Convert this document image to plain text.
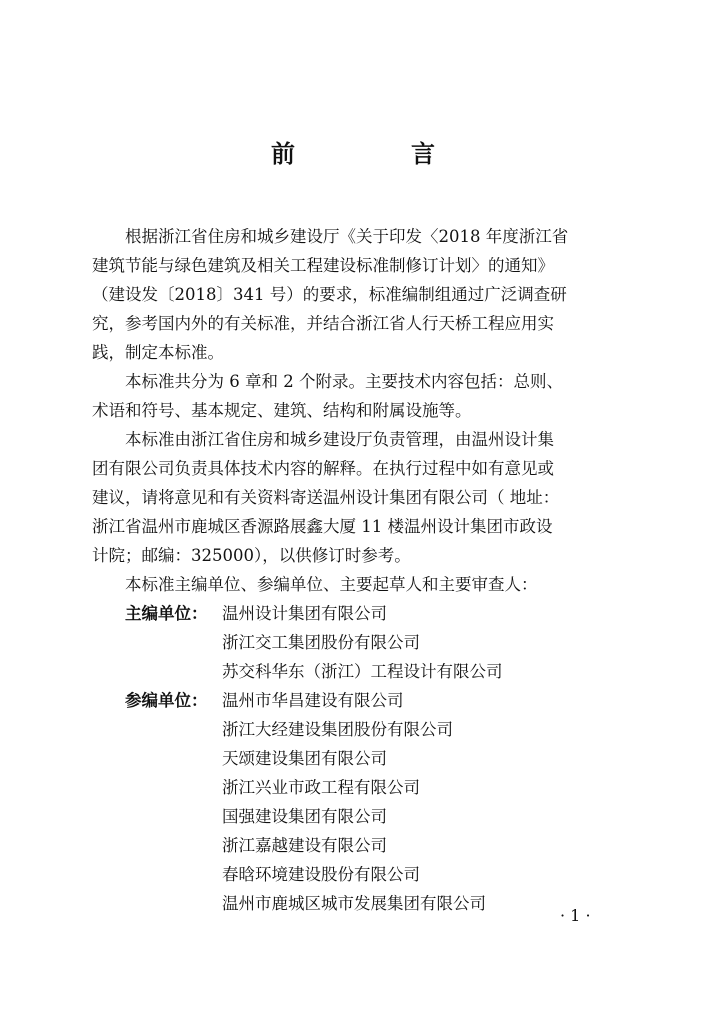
前　言
根据浙江省住房和城乡建设厅《关于印发〈2018 年度浙江省
建筑节能与绿色建筑及相关工程建设标准制修订计划〉的通知》
（建设发〔2018〕341 号）的要求，标准编制组通过广泛调查研
究，参考国内外的有关标准，并结合浙江省人行天桥工程应用实
践，制定本标准。
本标准共分为 6 章和 2 个附录。主要技术内容包括：总则、
术语和符号、基本规定、建筑、结构和附属设施等。
本标准由浙江省住房和城乡建设厅负责管理，由温州设计集
团有限公司负责具体技术内容的解释。在执行过程中如有意见或
建议，请将意见和有关资料寄送温州设计集团有限公司（ 地址：
浙江省温州市鹿城区香源路展鑫大厦 11 楼温州设计集团市政设
计院；邮编：325000），以供修订时参考。
本标准主编单位、参编单位、主要起草人和主要审查人：
主编单位： 温州设计集团有限公司
浙江交工集团股份有限公司
苏交科华东（浙江）工程设计有限公司
参编单位： 温州市华昌建设有限公司
浙江大经建设集团股份有限公司
天颂建设集团有限公司
浙江兴业市政工程有限公司
国强建设集团有限公司
浙江嘉越建设有限公司
春晗环境建设股份有限公司
温州市鹿城区城市发展集团有限公司
· 1 ·
